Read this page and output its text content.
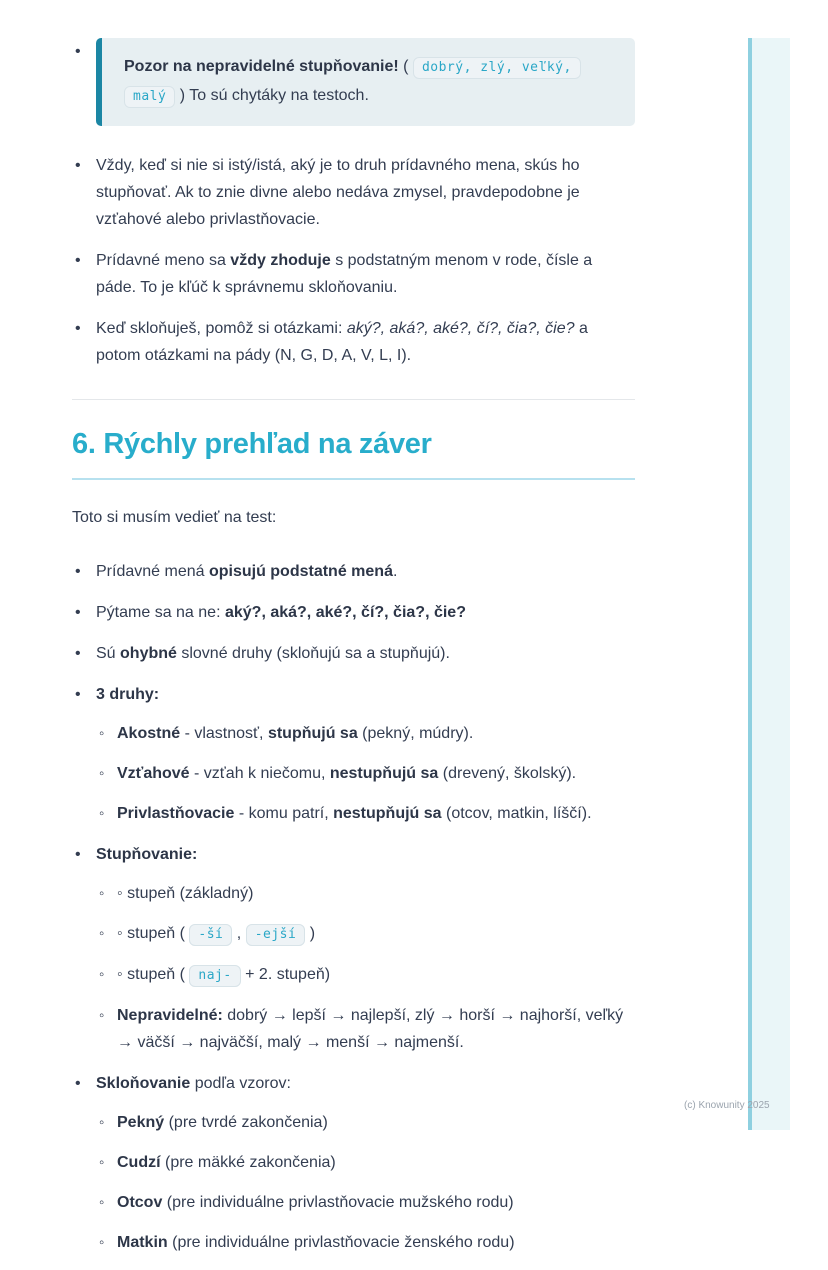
• Pozor na nepravidelné stupňovanie! ( dobrý, zlý, veľký, malý ) To sú chytáky na testoch.
• Vždy, keď si nie si istý/istá, aký je to druh prídavného mena, skús ho stupňovať. Ak to znie divne alebo nedáva zmysel, pravdepodobne je vzťahové alebo privlastňovacie.
• Prídavné meno sa vždy zhoduje s podstatným menom v rode, čísle a páde. To je kľúč k správnemu skloňovaniu.
• Keď skloňuješ, pomôž si otázkami: aký?, aká?, aké?, čí?, čia?, čie? a potom otázkami na pády (N, G, D, A, V, L, I).
6. Rýchly prehľad na záver

Toto si musím vedieť na test:

• Prídavné mená opisujú podstatné mená.
• Pýtame sa na ne: aký?, aká?, aké?, čí?, čia?, čie?
• Sú ohybné slovné druhy (skloňujú sa a stupňujú).
• 3 druhy:
◦ Akostné - vlastnosť, stupňujú sa (pekný, múdry).
◦ Vzťahové - vzťah k niečomu, nestupňujú sa (drevený, školský).
◦ Privlastňovacie - komu patrí, nestupňujú sa (otcov, matkin, líščí).
• Stupňovanie:
◦ ◦ stupeň (základný)
◦ ◦ stupeň ( -ší , -ejší )
◦ ◦ stupeň ( naj- + 2. stupeň)
◦ Nepravidelné: dobrý → lepší → najlepší, zlý → horší → najhorší, veľký → väčší → najväčší, malý → menší → najmenší.
• Skloňovanie podľa vzorov:
◦ Pekný (pre tvrdé zakončenia)
◦ Cudzí (pre mäkké zakončenia)
◦ Otcov (pre individuálne privlastňovacie mužského rodu)
◦ Matkin (pre individuálne privlastňovacie ženského rodu)
(c) Knowunity 2025
